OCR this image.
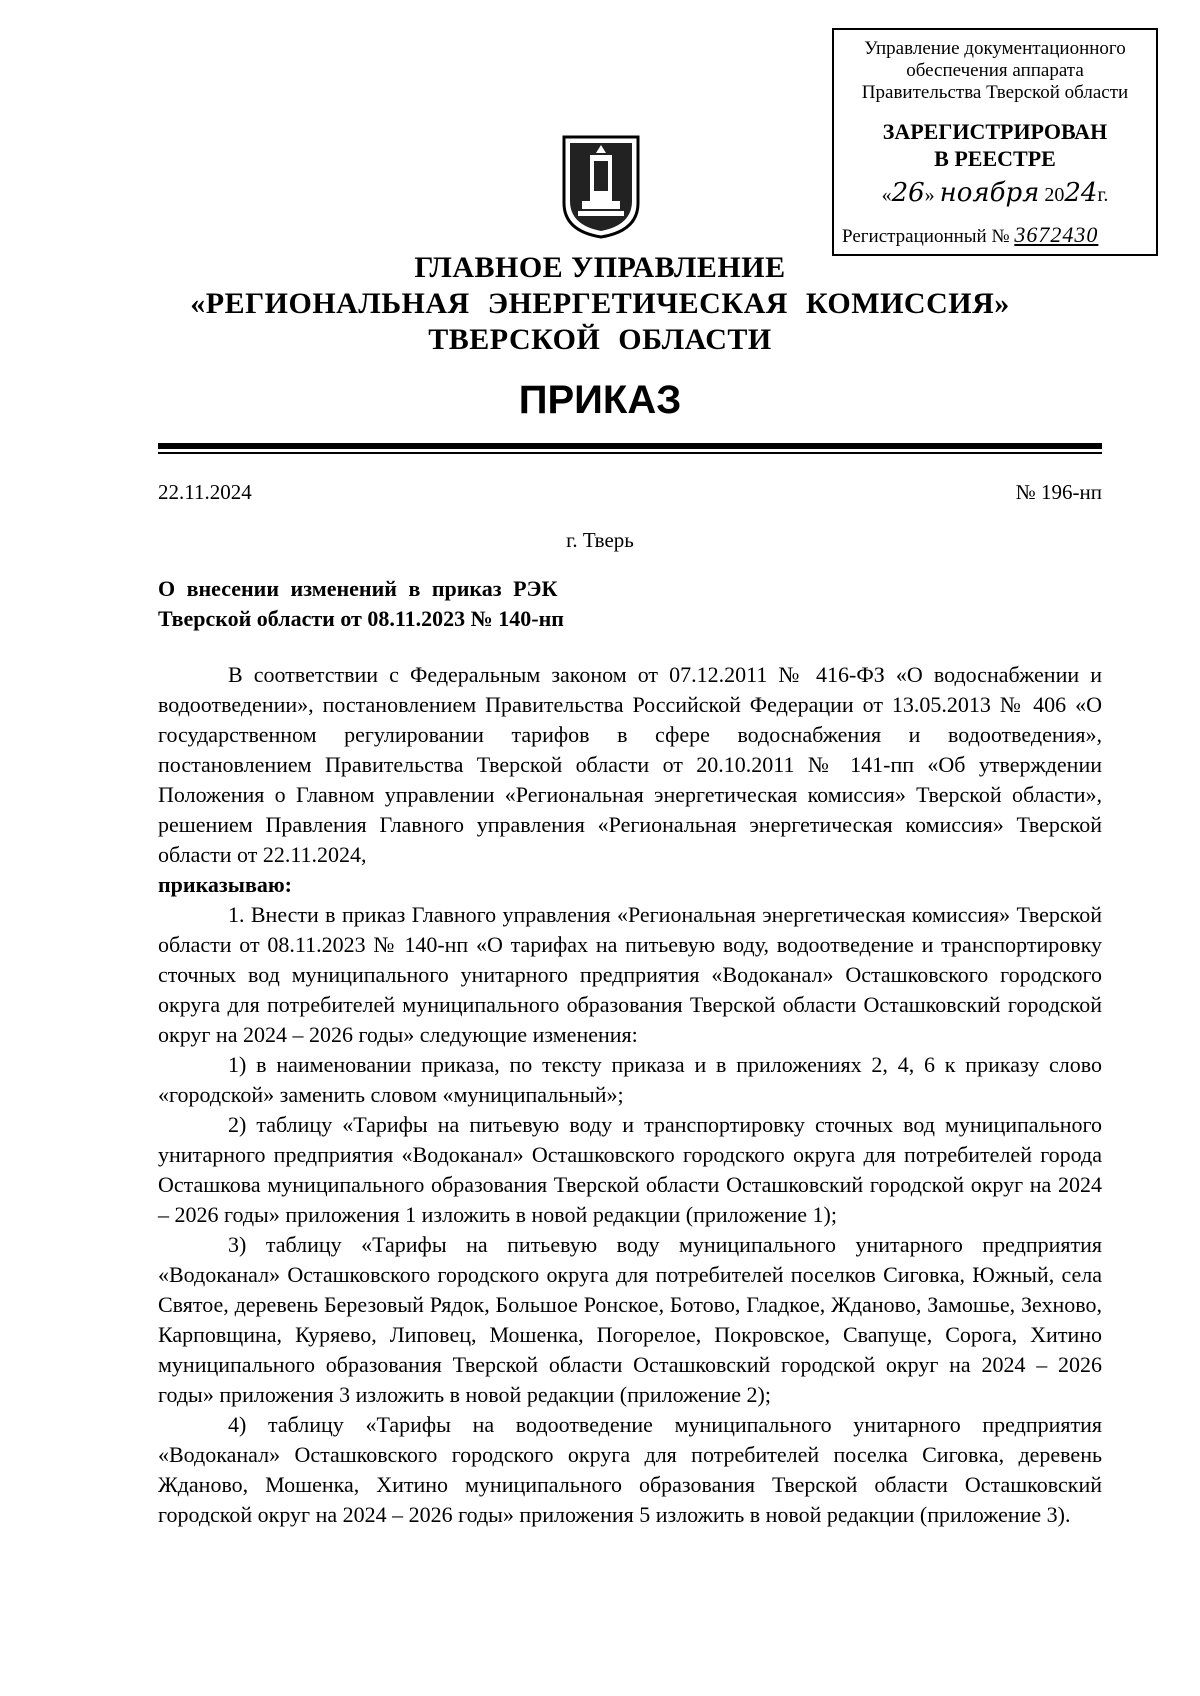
Управление документационного
обеспечения аппарата
Правительства Тверской области
ЗАРЕГИСТРИРОВАН
В РЕЕСТРЕ
«26» ноября 2024г.
Регистрационный № 3672430
ГЛАВНОЕ УПРАВЛЕНИЕ
«РЕГИОНАЛЬНАЯ ЭНЕРГЕТИЧЕСКАЯ КОМИССИЯ»
ТВЕРСКОЙ ОБЛАСТИ
ПРИКАЗ
22.11.2024	№ 196-нп
г. Тверь
О внесении изменений в приказ РЭК
Тверской области от 08.11.2023 № 140-нп

В соответствии с Федеральным законом от 07.12.2011 № 416-ФЗ «О водоснабжении и водоотведении», постановлением Правительства Российской Федерации от 13.05.2013 № 406 «О государственном регулировании тарифов в сфере водоснабжения и водоотведения», постановлением Правительства Тверской области от 20.10.2011 № 141-пп «Об утверждении Положения о Главном управлении «Региональная энергетическая комиссия» Тверской области», решением Правления Главного управления «Региональная энергетическая комиссия» Тверской области от 22.11.2024,

приказываю:

1. Внести в приказ Главного управления «Региональная энергетическая комиссия» Тверской области от 08.11.2023 № 140-нп «О тарифах на питьевую воду, водоотведение и транспортировку сточных вод муниципального унитарного предприятия «Водоканал» Осташковского городского округа для потребителей муниципального образования Тверской области Осташковский городской округ на 2024 – 2026 годы» следующие изменения:

1) в наименовании приказа, по тексту приказа и в приложениях 2, 4, 6 к приказу слово «городской» заменить словом «муниципальный»;

2) таблицу «Тарифы на питьевую воду и транспортировку сточных вод муниципального унитарного предприятия «Водоканал» Осташковского городского округа для потребителей города Осташкова муниципального образования Тверской области Осташковский городской округ на 2024 – 2026 годы» приложения 1 изложить в новой редакции (приложение 1);

3) таблицу «Тарифы на питьевую воду муниципального унитарного предприятия «Водоканал» Осташковского городского округа для потребителей поселков Сиговка, Южный, села Святое, деревень Березовый Рядок, Большое Ронское, Ботово, Гладкое, Жданово, Замошье, Зехново, Карповщина, Куряево, Липовец, Мошенка, Погорелое, Покровское, Свапуще, Сорога, Хитино муниципального образования Тверской области Осташковский городской округ на 2024 – 2026 годы» приложения 3 изложить в новой редакции (приложение 2);

4) таблицу «Тарифы на водоотведение муниципального унитарного предприятия «Водоканал» Осташковского городского округа для потребителей поселка Сиговка, деревень Жданово, Мошенка, Хитино муниципального образования Тверской области Осташковский городской округ на 2024 – 2026 годы» приложения 5 изложить в новой редакции (приложение 3).
